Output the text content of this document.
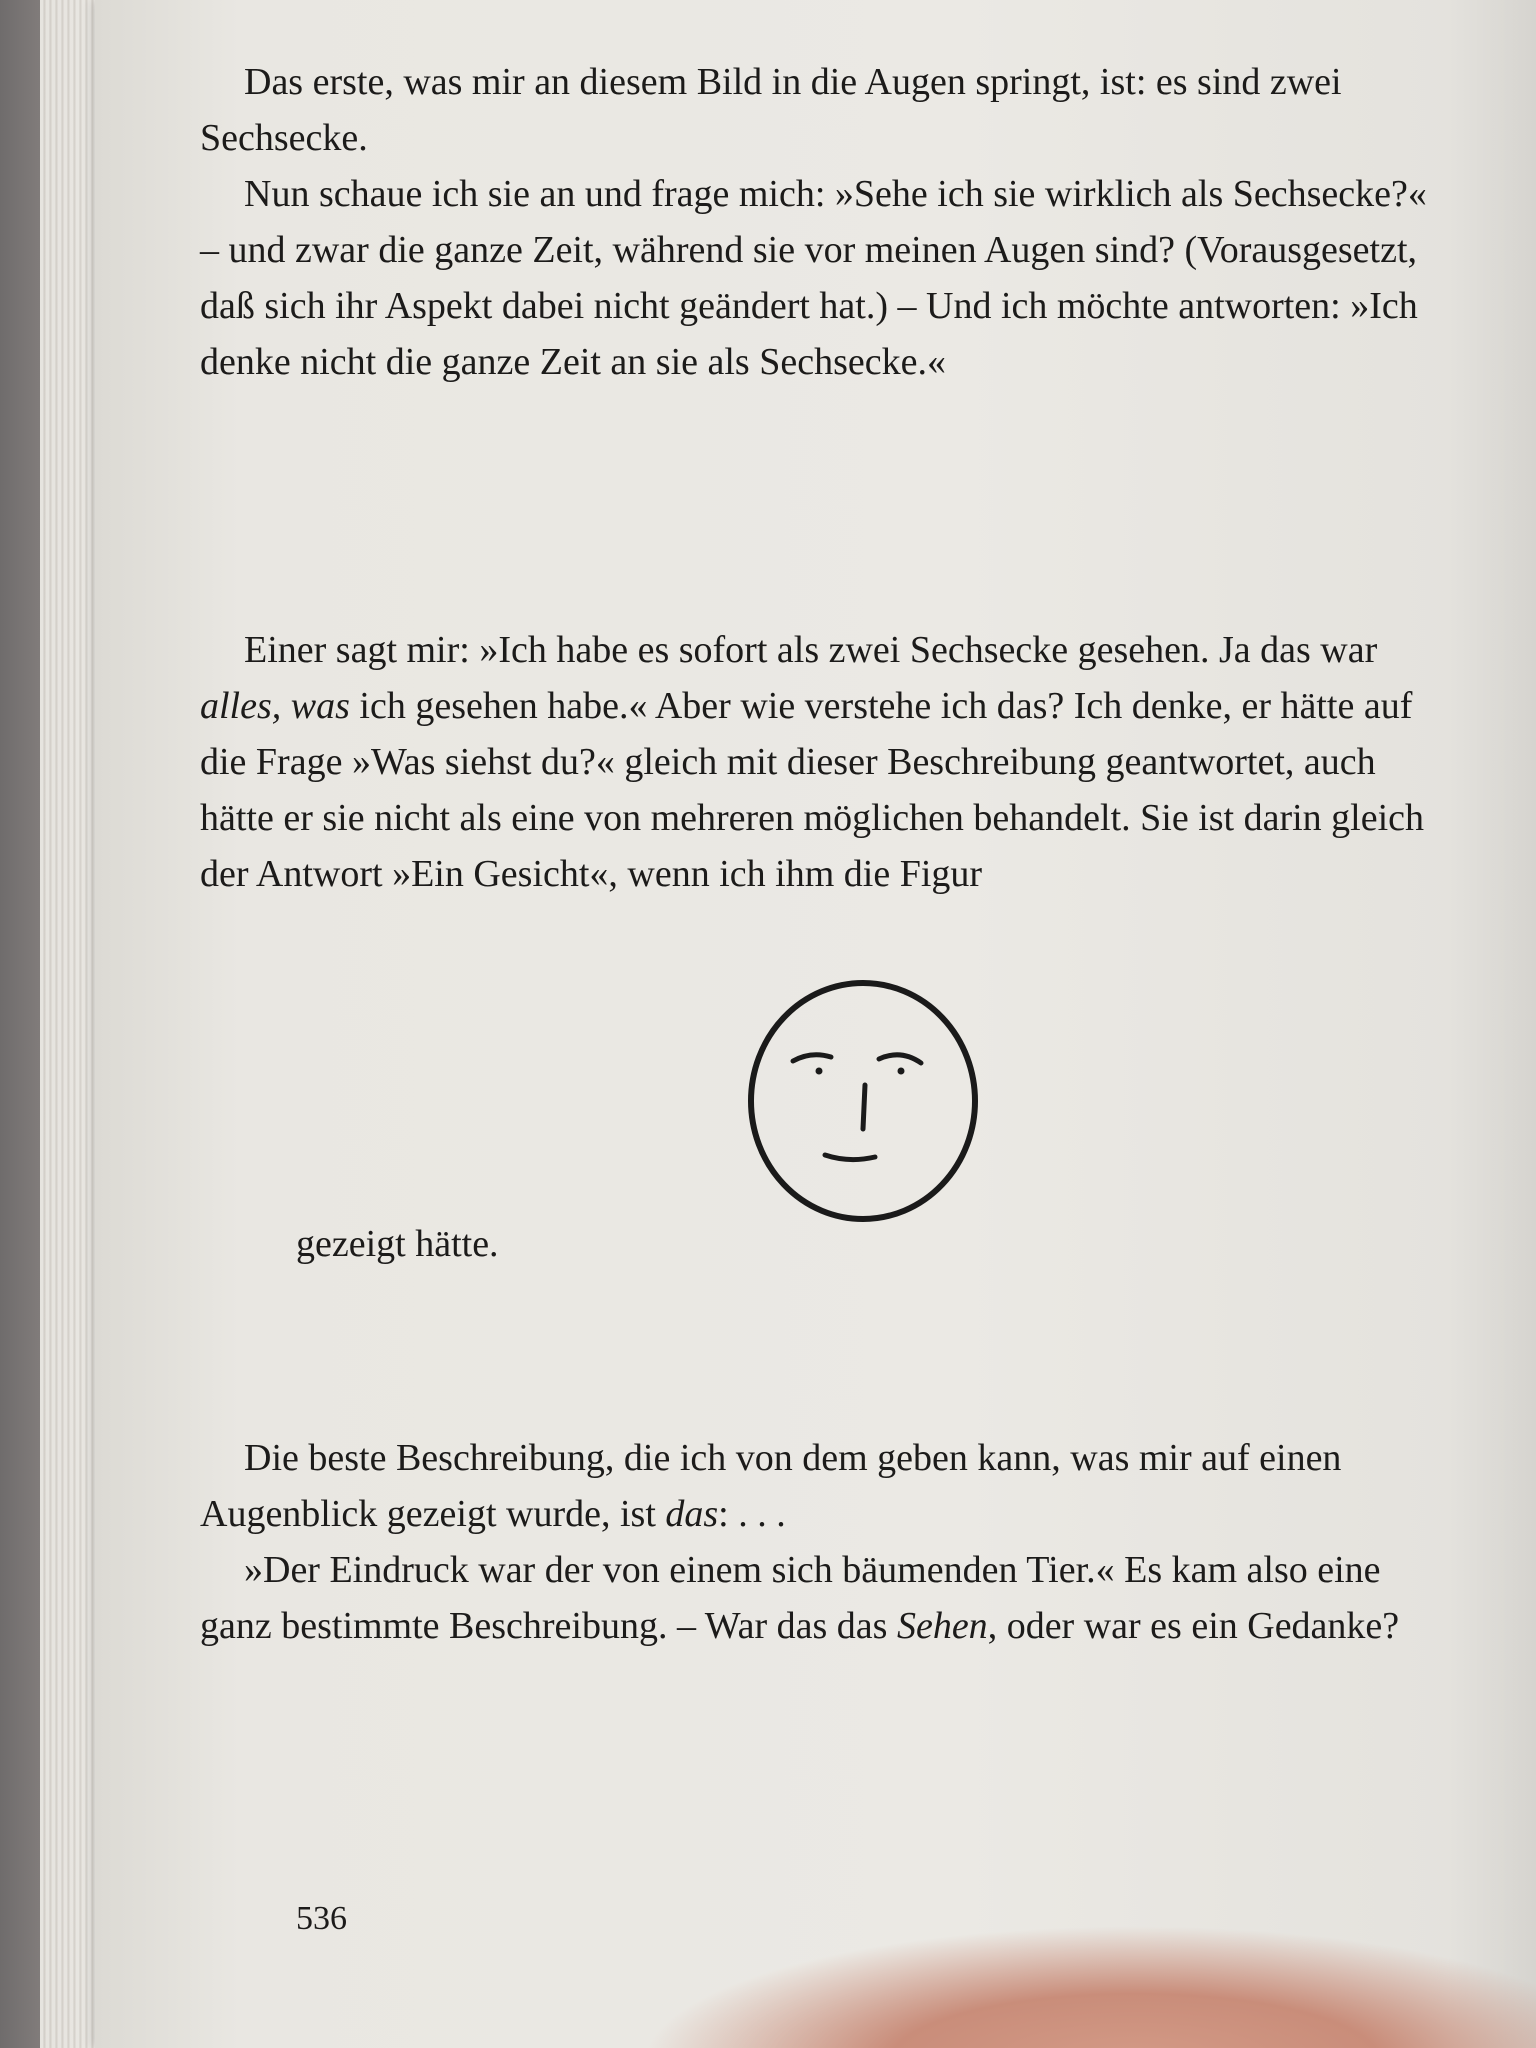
Das erste, was mir an diesem Bild in die Augen springt, ist: es sind zwei Sechsecke.

Nun schaue ich sie an und frage mich: »Sehe ich sie wirklich als Sechsecke?« – und zwar die ganze Zeit, während sie vor meinen Augen sind? (Vorausgesetzt, daß sich ihr Aspekt dabei nicht geändert hat.) – Und ich möchte antworten: »Ich denke nicht die ganze Zeit an sie als Sechsecke.«

Einer sagt mir: »Ich habe es sofort als zwei Sechsecke gesehen. Ja das war alles, was ich gesehen habe.« Aber wie verstehe ich das? Ich denke, er hätte auf die Frage »Was siehst du?« gleich mit dieser Beschreibung geantwortet, auch hätte er sie nicht als eine von mehreren möglichen behandelt. Sie ist darin gleich der Antwort »Ein Gesicht«, wenn ich ihm die Figur

gezeigt hätte.

Die beste Beschreibung, die ich von dem geben kann, was mir auf einen Augenblick gezeigt wurde, ist das: . . .

»Der Eindruck war der von einem sich bäumenden Tier.« Es kam also eine ganz bestimmte Beschreibung. – War das das Sehen, oder war es ein Gedanke?

536
